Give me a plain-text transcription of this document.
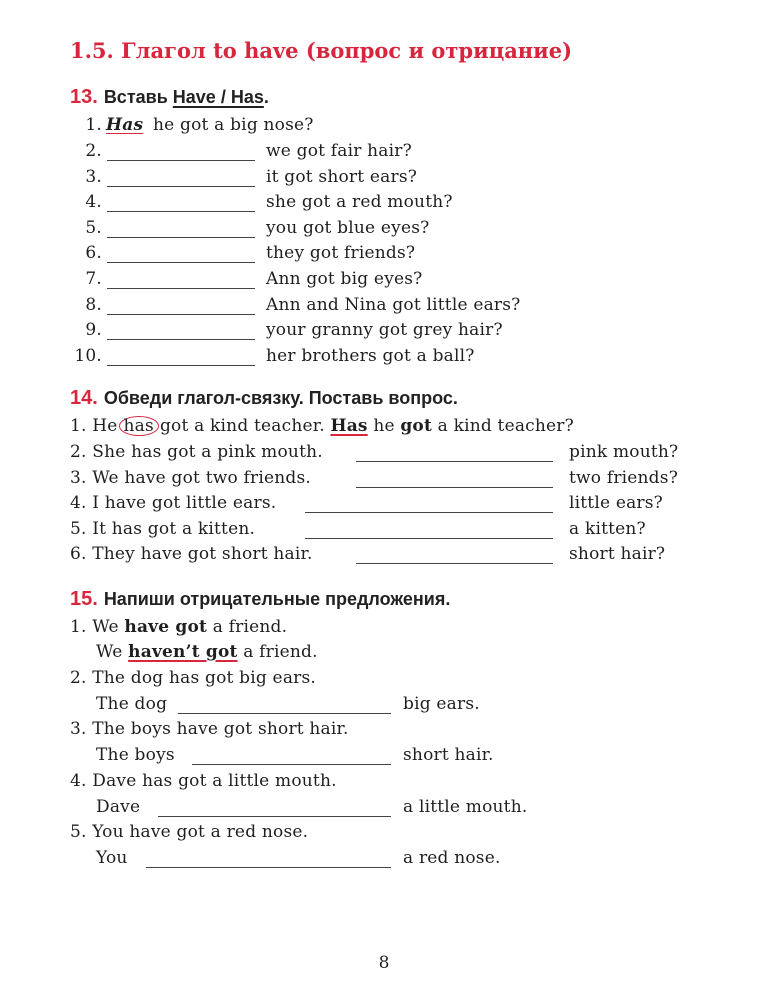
1.5. Глагол to have (вопрос и отрицание)
13. Вставь Have / Has.
1. Has he got a big nose?
2.	we got fair hair?
3.	it got short ears?
4.	she got a red mouth?
5.	you got blue eyes?
6.	they got friends?
7.	Ann got big eyes?
8.	Ann and Nina got little ears?
9.	your granny got grey hair?
10.	her brothers got a ball?
14. Обведи глагол-связку. Поставь вопрос.
1. He has got a kind teacher. Has he got a kind teacher?
2. She has got a pink mouth.	pink mouth?
3. We have got two friends.	two friends?
4. I have got little ears.	little ears?
5. It has got a kitten.	a kitten?
6. They have got short hair.	short hair?
15. Напиши отрицательные предложения.
1. We have got a friend.
We haven’t got a friend.
2. The dog has got big ears.
The dog	big ears.
3. The boys have got short hair.
The boys	short hair.
4. Dave has got a little mouth.
Dave	a little mouth.
5. You have got a red nose.
You	a red nose.
8
